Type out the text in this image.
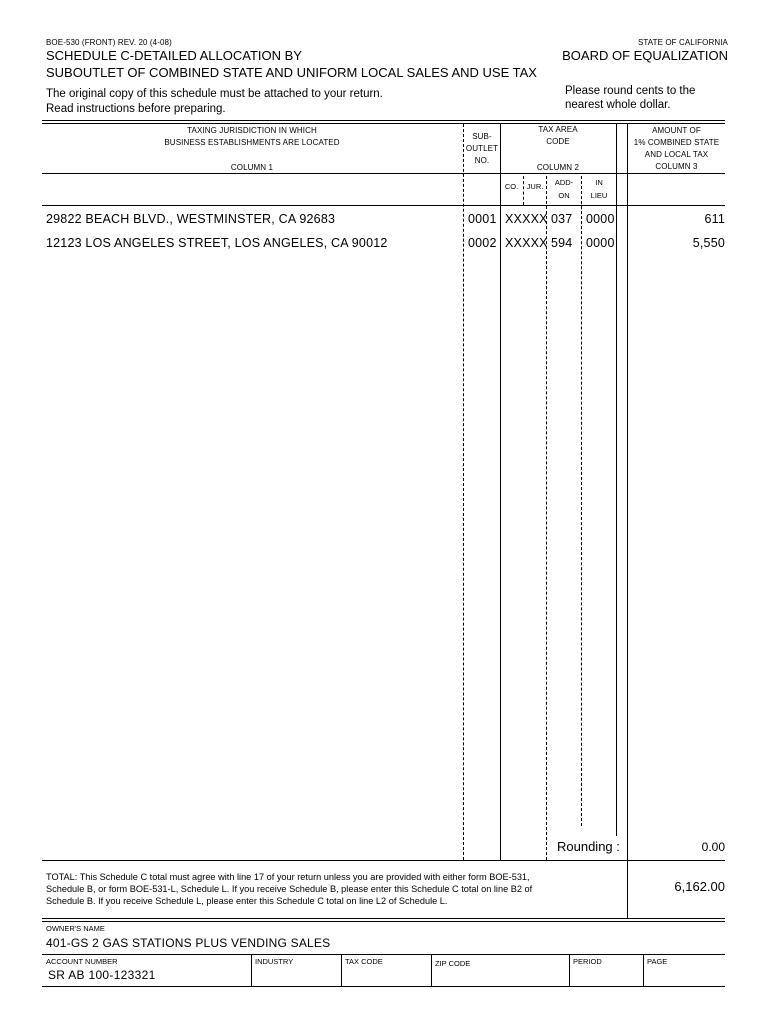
BOE-530 (FRONT) REV. 20 (4-08)	STATE OF CALIFORNIA
SCHEDULE C-DETAILED ALLOCATION BY	BOARD OF EQUALIZATION
SUBOUTLET OF COMBINED STATE AND UNIFORM LOCAL SALES AND USE TAX
The original copy of this schedule must be attached to your return.
Read instructions before preparing.
Please round cents to the
nearest whole dollar.
TAXING JURISDICTION IN WHICH
BUSINESS ESTABLISHMENTS ARE LOCATED
COLUMN 1
SUB-
OUTLET
NO.
TAX AREA
CODE
COLUMN 2
CO.	JUR.	ADD-
ON
IN
LIEU
AMOUNT OF
1% COMBINED STATE
AND LOCAL TAX
COLUMN 3
29822 BEACH BLVD., WESTMINSTER, CA 92683	0001 XXXXX 037 0000	611
12123 LOS ANGELES STREET, LOS ANGELES, CA 90012	0002 XXXXX 594 0000	5,550
Rounding :	0.00
TOTAL: This Schedule C total must agree with line 17 of your return unless you are provided with either form BOE-531,
Schedule B, or form BOE-531-L, Schedule L. If you receive Schedule B, please enter this Schedule C total on line B2 of
Schedule B. If you receive Schedule L, please enter this Schedule C total on line L2 of Schedule L.
6,162.00
OWNER'S NAME
401-GS 2 GAS STATIONS PLUS VENDING SALES
ACCOUNT NUMBER
SR AB 100-123321
INDUSTRY	TAX CODE	ZIP CODE	PERIOD	PAGE
